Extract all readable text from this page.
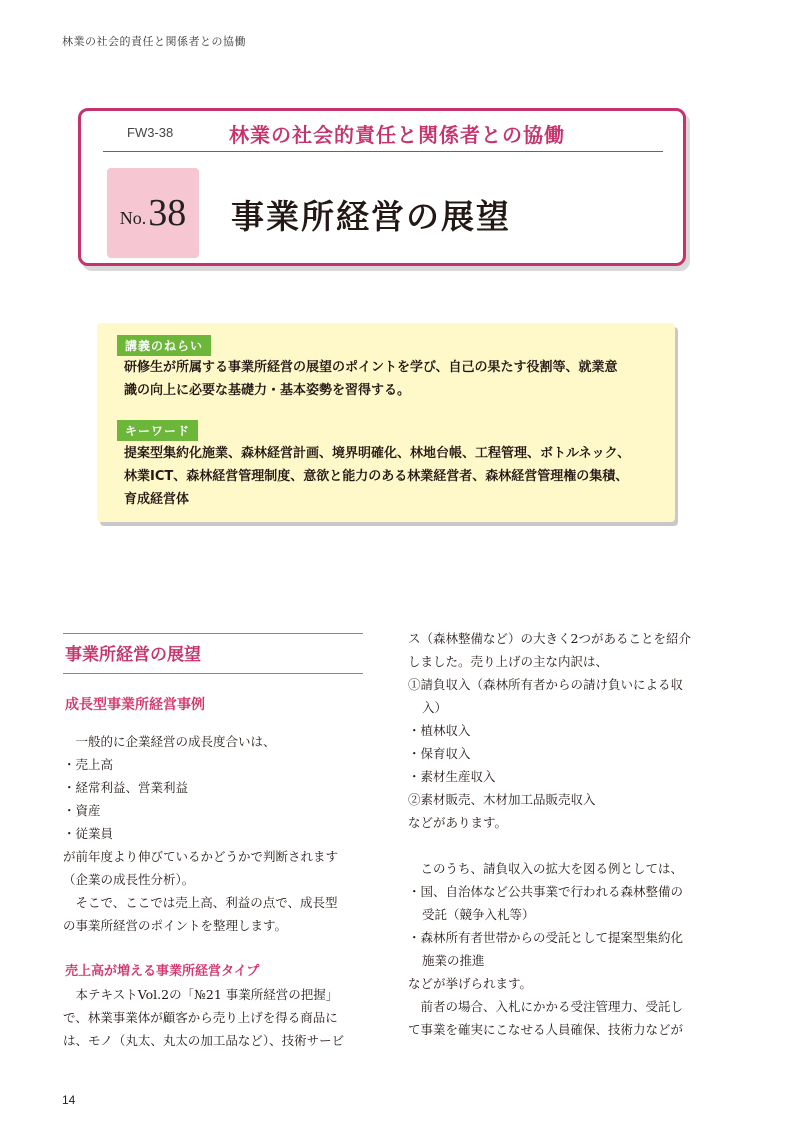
林業の社会的責任と関係者との協働
FW3-38	林業の社会的責任と関係者との協働
No. 38 事業所経営の展望
講義のねらい
研修生が所属する事業所経営の展望のポイントを学び、自己の果たす役割等、就業意
識の向上に必要な基礎力・基本姿勢を習得する。
キーワード
提案型集約化施業、森林経営計画、境界明確化、林地台帳、工程管理、ボトルネック、
林業ICT、森林経営管理制度、意欲と能力のある林業経営者、森林経営管理権の集積、
育成経営体
事業所経営の展望
成長型事業所経営事例
　一般的に企業経営の成長度合いは、
・売上高
・経常利益、営業利益
・資産
・従業員
が前年度より伸びているかどうかで判断されます
（企業の成長性分析）。
　そこで、ここでは売上高、利益の点で、成長型
の事業所経営のポイントを整理します。
売上高が増える事業所経営タイプ
　本テキストVol.2の「№21 事業所経営の把握」
で、林業事業体が顧客から売り上げを得る商品に
は、モノ（丸太、丸太の加工品など）、技術サービ
ス（森林整備など）の大きく2つがあることを紹介
しました。売り上げの主な内訳は、
①請負収入（森林所有者からの請け負いによる収
入）
・植林収入
・保育収入
・素材生産収入
②素材販売、木材加工品販売収入
などがあります。
　このうち、請負収入の拡大を図る例としては、
・国、自治体など公共事業で行われる森林整備の
受託（競争入札等）
・森林所有者世帯からの受託として提案型集約化
施業の推進
などが挙げられます。
　前者の場合、入札にかかる受注管理力、受託し
て事業を確実にこなせる人員確保、技術力などが
14
